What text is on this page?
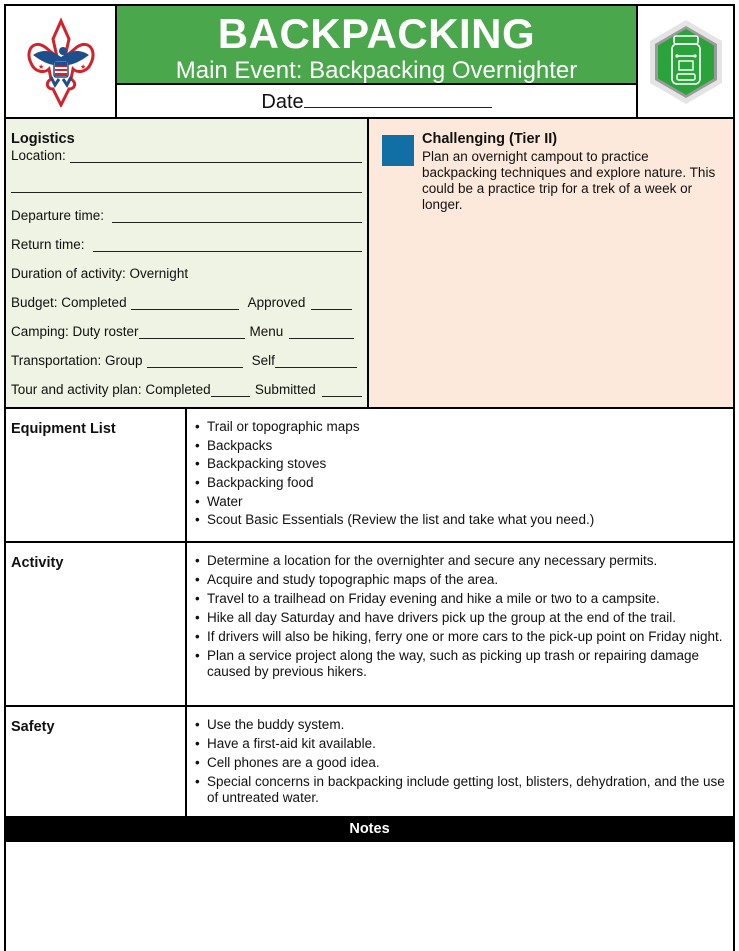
★	★
BACKPACKING
Main Event: Backpacking Overnighter
Date
Logistics
Location:
Departure time:
Return time:
Duration of activity: Overnight
Budget: Completed	Approved
Camping: Duty roster	Menu
Transportation: Group	Self
Tour and activity plan: Completed	Submitted
Challenging (Tier II)
Plan an overnight campout to practice backpacking techniques and explore nature. This could be a practice trip for a trek of a week or longer.
Equipment List	• Trail or topographic maps
• Backpacks
• Backpacking stoves
• Backpacking food
• Water
• Scout Basic Essentials (Review the list and take what you need.)
Activity	• Determine a location for the overnighter and secure any necessary permits.
• Acquire and study topographic maps of the area.
• Travel to a trailhead on Friday evening and hike a mile or two to a campsite.
• Hike all day Saturday and have drivers pick up the group at the end of the trail.
• If drivers will also be hiking, ferry one or more cars to the pick-up point on Friday night.
• Plan a service project along the way, such as picking up trash or repairing damage caused by previous hikers.
Safety	• Use the buddy system.
• Have a first-aid kit available.
• Cell phones are a good idea.
• Special concerns in backpacking include getting lost, blisters, dehydration, and the use of untreated water.
Notes
